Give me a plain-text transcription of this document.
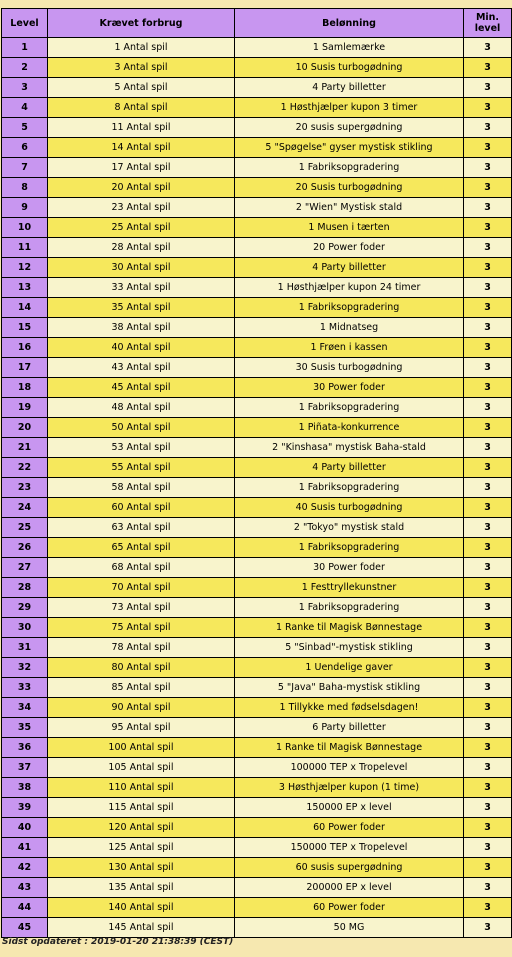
Level	Krævet forbrug	Belønning	Min.
level
1	1 Antal spil	1 Samlemærke	3
2	3 Antal spil	10 Susis turbogødning	3
3	5 Antal spil	4 Party billetter	3
4	8 Antal spil	1 Høsthjælper kupon 3 timer	3
5	11 Antal spil	20 susis supergødning	3
6	14 Antal spil	5 "Spøgelse" gyser mystisk stikling	3
7	17 Antal spil	1 Fabriksopgradering	3
8	20 Antal spil	20 Susis turbogødning	3
9	23 Antal spil	2 "Wien" Mystisk stald	3
10	25 Antal spil	1 Musen i tærten	3
11	28 Antal spil	20 Power foder	3
12	30 Antal spil	4 Party billetter	3
13	33 Antal spil	1 Høsthjælper kupon 24 timer	3
14	35 Antal spil	1 Fabriksopgradering	3
15	38 Antal spil	1 Midnatseg	3
16	40 Antal spil	1 Frøen i kassen	3
17	43 Antal spil	30 Susis turbogødning	3
18	45 Antal spil	30 Power foder	3
19	48 Antal spil	1 Fabriksopgradering	3
20	50 Antal spil	1 Piñata-konkurrence	3
21	53 Antal spil	2 "Kinshasa" mystisk Baha-stald	3
22	55 Antal spil	4 Party billetter	3
23	58 Antal spil	1 Fabriksopgradering	3
24	60 Antal spil	40 Susis turbogødning	3
25	63 Antal spil	2 "Tokyo" mystisk stald	3
26	65 Antal spil	1 Fabriksopgradering	3
27	68 Antal spil	30 Power foder	3
28	70 Antal spil	1 Festtryllekunstner	3
29	73 Antal spil	1 Fabriksopgradering	3
30	75 Antal spil	1 Ranke til Magisk Bønnestage	3
31	78 Antal spil	5 "Sinbad"-mystisk stikling	3
32	80 Antal spil	1 Uendelige gaver	3
33	85 Antal spil	5 "Java" Baha-mystisk stikling	3
34	90 Antal spil	1 Tillykke med fødselsdagen!	3
35	95 Antal spil	6 Party billetter	3
36	100 Antal spil	1 Ranke til Magisk Bønnestage	3
37	105 Antal spil	100000 TEP x Tropelevel	3
38	110 Antal spil	3 Høsthjælper kupon (1 time)	3
39	115 Antal spil	150000 EP x level	3
40	120 Antal spil	60 Power foder	3
41	125 Antal spil	150000 TEP x Tropelevel	3
42	130 Antal spil	60 susis supergødning	3
43	135 Antal spil	200000 EP x level	3
44	140 Antal spil	60 Power foder	3
45	145 Antal spil	50 MG	3
Sidst opdateret : 2019-01-20 21:38:39 (CEST)
